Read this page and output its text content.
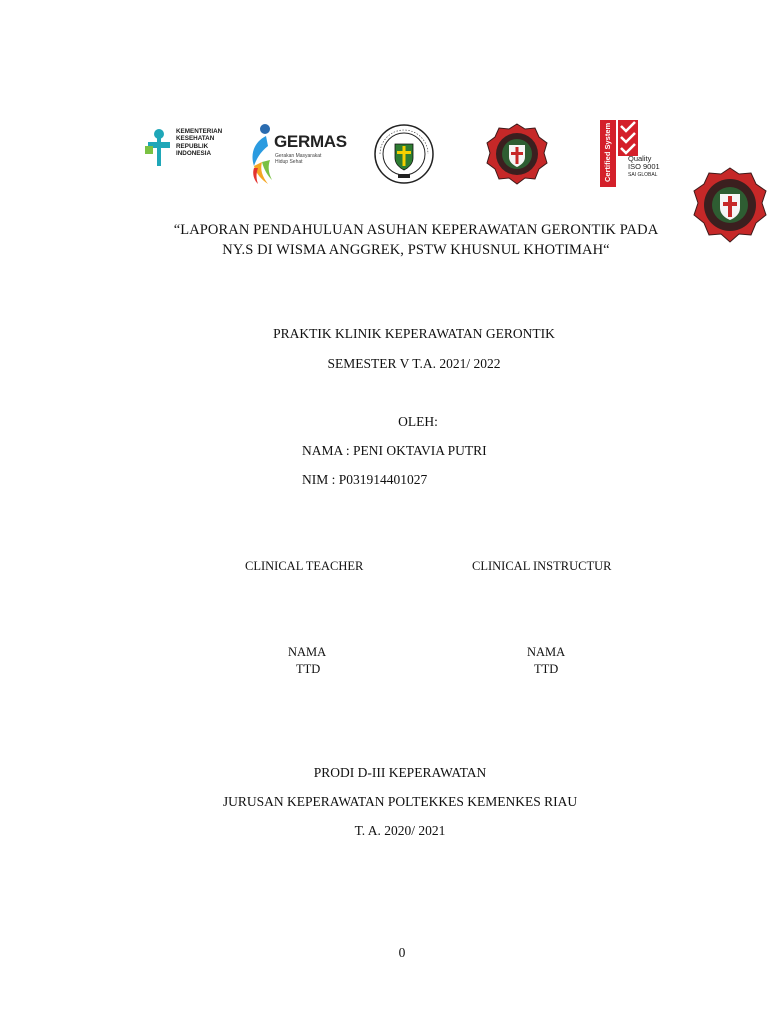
KEMENTERIAN
KESEHATAN
REPUBLIK
INDONESIA
GERMAS
Gerakan Masyarakat
Hidup Sehat	Certified System Quality
ISO 9001
SAI GLOBAL
“LAPORAN PENDAHULUAN ASUHAN KEPERAWATAN GERONTIK PADA
NY.S DI WISMA ANGGREK, PSTW KHUSNUL KHOTIMAH“
PRAKTIK KLINIK KEPERAWATAN GERONTIK
SEMESTER V T.A. 2021/ 2022
OLEH:
NAMA : PENI OKTAVIA PUTRI
NIM : P031914401027
CLINICAL TEACHER	CLINICAL INSTRUCTUR
NAMA
TTD
NAMA
TTD
PRODI D-III KEPERAWATAN
JURUSAN KEPERAWATAN POLTEKKES KEMENKES RIAU
T. A. 2020/ 2021
0
